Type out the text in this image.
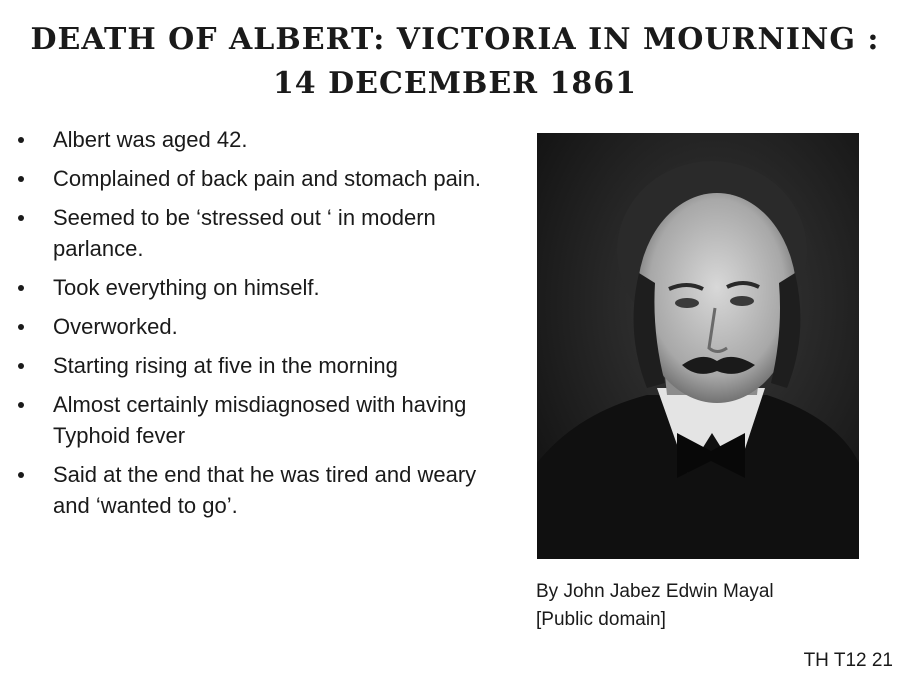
DEATH OF ALBERT: VICTORIA IN MOURNING :
14 DECEMBER 1861
Albert was aged 42.
Complained of back pain and stomach pain.
Seemed to be ‘stressed out ‘ in modern parlance.
Took everything on himself.
Overworked.
Starting rising at five in the morning
Almost certainly misdiagnosed with having Typhoid fever
Said at the end that he was tired and weary and ‘wanted to go’.
By John Jabez Edwin Mayal
[Public domain]
TH T12 21
